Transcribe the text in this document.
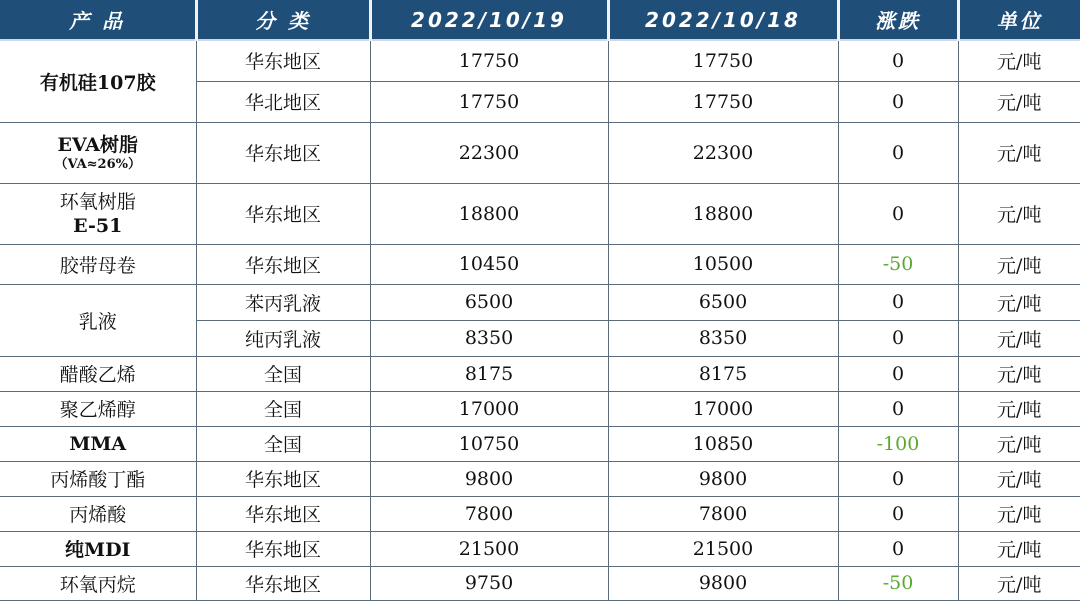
产 品	分 类	2022/10/19	2022/10/18	涨跌	单位
有机硅107胶	华东地区	17750	17750	0	元/吨
	华北地区	17750	17750	0	元/吨

EVA树脂
（VA≈26%）	华东地区	22300	22300	0	元/吨

环氧树脂
E-51	华东地区	18800	18800	0	元/吨
胶带母卷	华东地区	10450	10500	-50	元/吨
乳液	苯丙乳液	6500	6500	0	元/吨
	纯丙乳液	8350	8350	0	元/吨
醋酸乙烯	全国	8175	8175	0	元/吨
聚乙烯醇	全国	17000	17000	0	元/吨
MMA	全国	10750	10850	-100	元/吨
丙烯酸丁酯	华东地区	9800	9800	0	元/吨
丙烯酸	华东地区	7800	7800	0	元/吨
纯MDI	华东地区	21500	21500	0	元/吨
环氧丙烷	华东地区	9750	9800	-50	元/吨
